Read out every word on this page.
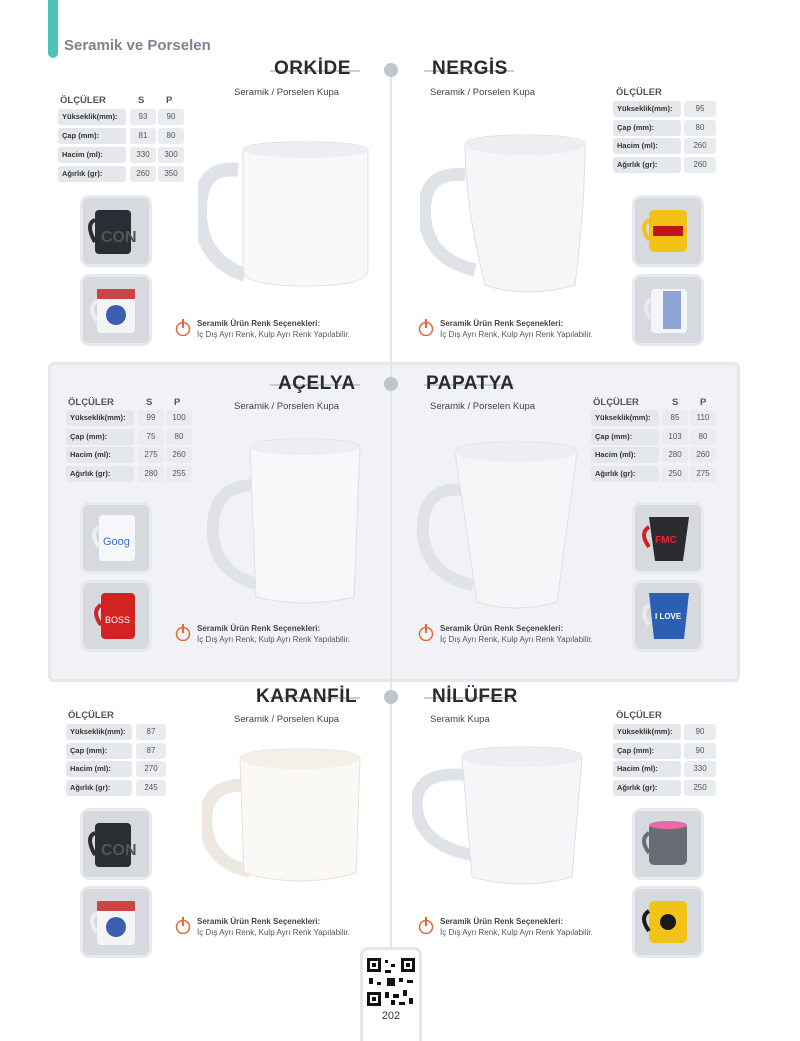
Seramik ve Porselen
ORKİDE
Seramik / Porselen Kupa
ÖLÇÜLER	S P
Yükseklik(mm):	93	90
Çap (mm):	81	80
Hacim (ml):	330	300
Ağırlık (gr):	260	350
CON
Seramik Ürün Renk Seçenekleri:
İç Dış Ayrı Renk, Kulp Ayrı Renk Yapılabilir.
NERGİS
Seramik / Porselen Kupa	ÖLÇÜLER
Yükseklik(mm):	95
Çap (mm):	80
Hacim (ml):	260
Ağırlık (gr):	260
Seramik Ürün Renk Seçenekleri:
İç Dış Ayrı Renk, Kulp Ayrı Renk Yapılabilir.
AÇELYA
Seramik / Porselen Kupa
ÖLÇÜLER	S P
Yükseklik(mm):	99	100
Çap (mm):	75	80
Hacim (ml):	275	260
Ağırlık (gr):	280	255
Goog
BOSS
Seramik Ürün Renk Seçenekleri:
İç Dış Ayrı Renk, Kulp Ayrı Renk Yapılabilir.
PAPATYA
Seramik / Porselen Kupa	ÖLÇÜLER	S P
Yükseklik(mm):	85	110
Çap (mm):	103	80
Hacim (ml):	280	260
Ağırlık (gr):	250	275
FMC
I LOVE
Seramik Ürün Renk Seçenekleri:
İç Dış Ayrı Renk, Kulp Ayrı Renk Yapılabilir.
KARANFİL
Seramik / Porselen Kupa
ÖLÇÜLER
Yükseklik(mm):	87
Çap (mm):	87
Hacim (ml):	270
Ağırlık (gr):	245
CON
Seramik Ürün Renk Seçenekleri:
İç Dış Ayrı Renk, Kulp Ayrı Renk Yapılabilir.
NİLÜFER
Seramik Kupa	ÖLÇÜLER
Yükseklik(mm):	90
Çap (mm):	90
Hacim (ml):	330
Ağırlık (gr):	250
Seramik Ürün Renk Seçenekleri:
İç Dış Ayrı Renk, Kulp Ayrı Renk Yapılabilir.
202
